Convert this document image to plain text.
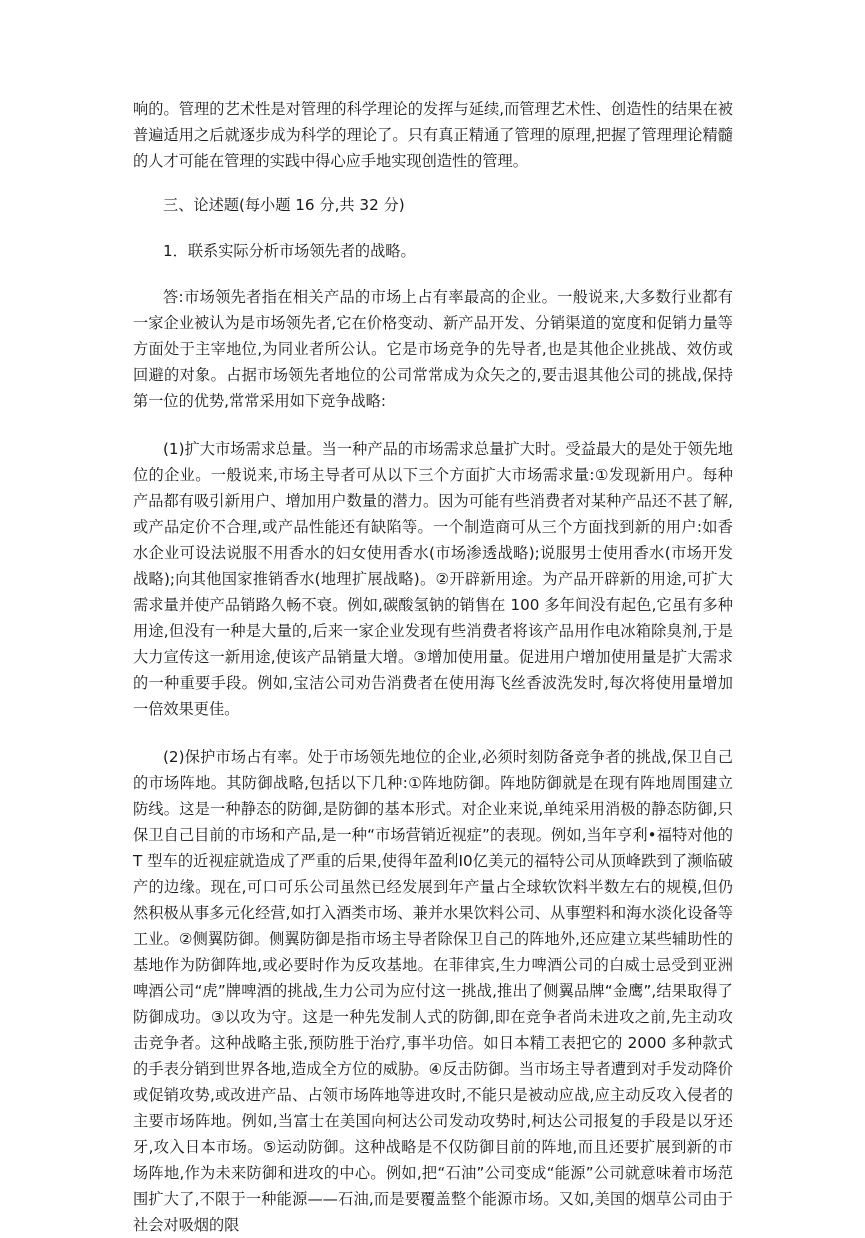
响的。管理的艺术性是对管理的科学理论的发挥与延续,而管理艺术性、创造性的结果在被普遍适用之后就逐步成为科学的理论了。只有真正精通了管理的原理,把握了管理理论精髓的人才可能在管理的实践中得心应手地实现创造性的管理。

三、论述题(每小题 16 分,共 32 分)

1．联系实际分析市场领先者的战略。

答:市场领先者指在相关产品的市场上占有率最高的企业。一般说来,大多数行业都有一家企业被认为是市场领先者,它在价格变动、新产品开发、分销渠道的宽度和促销力量等方面处于主宰地位,为同业者所公认。它是市场竞争的先导者,也是其他企业挑战、效仿或回避的对象。占据市场领先者地位的公司常常成为众矢之的,要击退其他公司的挑战,保持第一位的优势,常常采用如下竞争战略:

(1)扩大市场需求总量。当一种产品的市场需求总量扩大时。受益最大的是处于领先地位的企业。一般说来,市场主导者可从以下三个方面扩大市场需求量:①发现新用户。每种产品都有吸引新用户、增加用户数量的潜力。因为可能有些消费者对某种产品还不甚了解,或产品定价不合理,或产品性能还有缺陷等。一个制造商可从三个方面找到新的用户:如香水企业可设法说服不用香水的妇女使用香水(市场渗透战略);说服男士使用香水(市场开发战略);向其他国家推销香水(地理扩展战略)。②开辟新用途。为产品开辟新的用途,可扩大需求量并使产品销路久畅不衰。例如,碳酸氢钠的销售在 100 多年间没有起色,它虽有多种用途,但没有一种是大量的,后来一家企业发现有些消费者将该产品用作电冰箱除臭剂,于是大力宣传这一新用途,使该产品销量大增。③增加使用量。促进用户增加使用量是扩大需求的一种重要手段。例如,宝洁公司劝告消费者在使用海飞丝香波洗发时,每次将使用量增加一倍效果更佳。

(2)保护市场占有率。处于市场领先地位的企业,必须时刻防备竞争者的挑战,保卫自己的市场阵地。其防御战略,包括以下几种:①阵地防御。阵地防御就是在现有阵地周围建立防线。这是一种静态的防御,是防御的基本形式。对企业来说,单纯采用消极的静态防御,只保卫自己目前的市场和产品,是一种“市场营销近视症”的表现。例如,当年亨利•福特对他的 T 型车的近视症就造成了严重的后果,使得年盈利I0亿美元的福特公司从顶峰跌到了濒临破产的边缘。现在,可口可乐公司虽然已经发展到年产量占全球软饮料半数左右的规模,但仍然积极从事多元化经营,如打入酒类市场、兼并水果饮料公司、从事塑料和海水淡化设备等工业。②侧翼防御。侧翼防御是指市场主导者除保卫自己的阵地外,还应建立某些辅助性的基地作为防御阵地,或必要时作为反攻基地。在菲律宾,生力啤酒公司的白威士忌受到亚洲啤酒公司“虎”牌啤酒的挑战,生力公司为应付这一挑战,推出了侧翼品牌“金鹰”,结果取得了防御成功。③以攻为守。这是一种先发制人式的防御,即在竞争者尚未进攻之前,先主动攻击竞争者。这种战略主张,预防胜于治疗,事半功倍。如日本精工表把它的 2000 多种款式的手表分销到世界各地,造成全方位的威胁。④反击防御。当市场主导者遭到对手发动降价或促销攻势,或改进产品、占领市场阵地等进攻时,不能只是被动应战,应主动反攻入侵者的主要市场阵地。例如,当富士在美国向柯达公司发动攻势时,柯达公司报复的手段是以牙还牙,攻入日本市场。⑤运动防御。这种战略是不仅防御目前的阵地,而且还要扩展到新的市场阵地,作为未来防御和进攻的中心。例如,把“石油”公司变成“能源”公司就意味着市场范围扩大了,不限于一种能源——石油,而是要覆盖整个能源市场。又如,美国的烟草公司由于社会对吸烟的限
